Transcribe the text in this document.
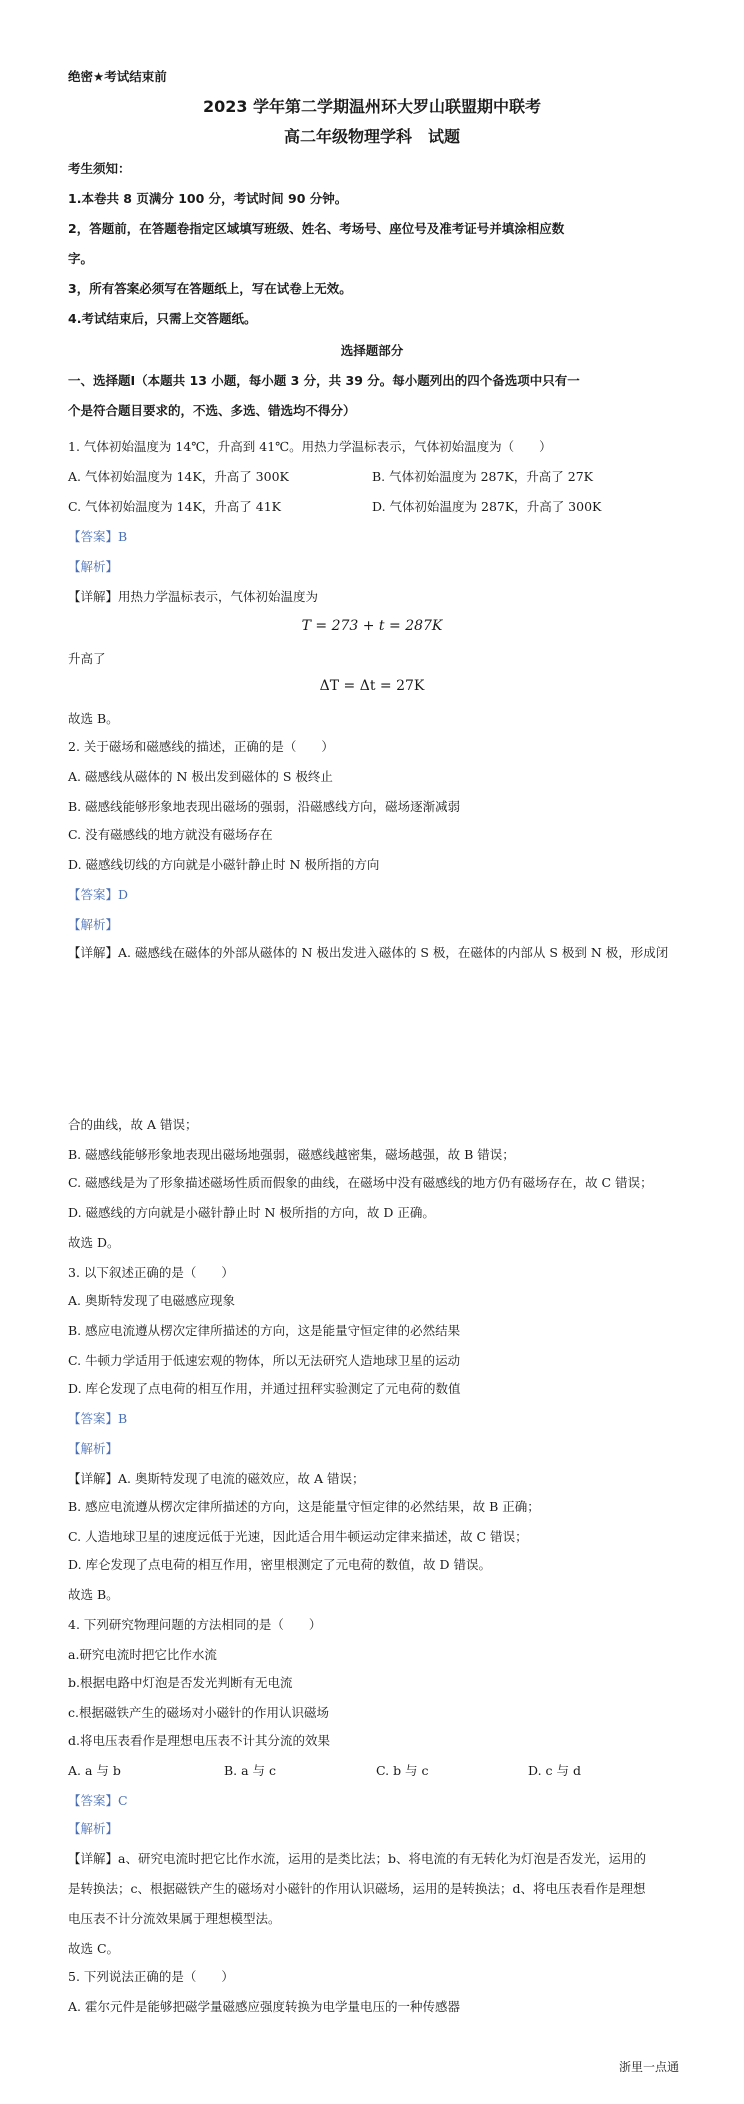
绝密★考试结束前
2023 学年第二学期温州环大罗山联盟期中联考
高二年级物理学科　试题
考生须知：
1.本卷共 8 页满分 100 分，考试时间 90 分钟。
2，答题前，在答题卷指定区域填写班级、姓名、考场号、座位号及准考证号并填涂相应数
字。
3，所有答案必须写在答题纸上，写在试卷上无效。
4.考试结束后，只需上交答题纸。
选择题部分
一、选择题Ⅰ（本题共 13 小题，每小题 3 分，共 39 分。每小题列出的四个备选项中只有一
个是符合题目要求的，不选、多选、错选均不得分）
1. 气体初始温度为 14℃，升高到 41℃。用热力学温标表示，气体初始温度为（　　）
A. 气体初始温度为 14K，升高了 300K	B. 气体初始温度为 287K，升高了 27K
C. 气体初始温度为 14K，升高了 41K	D. 气体初始温度为 287K，升高了 300K
【答案】B
【解析】
【详解】用热力学温标表示，气体初始温度为
T = 273 + t = 287K
升高了
ΔT = Δt = 27K
故选 B。
2. 关于磁场和磁感线的描述，正确的是（　　）
A. 磁感线从磁体的 N 极出发到磁体的 S 极终止
B. 磁感线能够形象地表现出磁场的强弱，沿磁感线方向，磁场逐渐减弱
C. 没有磁感线的地方就没有磁场存在
D. 磁感线切线的方向就是小磁针静止时 N 极所指的方向
【答案】D
【解析】
【详解】A. 磁感线在磁体的外部从磁体的 N 极出发进入磁体的 S 极，在磁体的内部从 S 极到 N 极，形成闭
合的曲线，故 A 错误；
B. 磁感线能够形象地表现出磁场地强弱，磁感线越密集，磁场越强，故 B 错误；
C. 磁感线是为了形象描述磁场性质而假象的曲线，在磁场中没有磁感线的地方仍有磁场存在，故 C 错误；
D. 磁感线的方向就是小磁针静止时 N 极所指的方向，故 D 正确。
故选 D。
3. 以下叙述正确的是（　　）
A. 奥斯特发现了电磁感应现象
B. 感应电流遵从楞次定律所描述的方向，这是能量守恒定律的必然结果
C. 牛顿力学适用于低速宏观的物体，所以无法研究人造地球卫星的运动
D. 库仑发现了点电荷的相互作用，并通过扭秤实验测定了元电荷的数值
【答案】B
【解析】
【详解】A. 奥斯特发现了电流的磁效应，故 A 错误；
B. 感应电流遵从楞次定律所描述的方向，这是能量守恒定律的必然结果，故 B 正确；
C. 人造地球卫星的速度远低于光速，因此适合用牛顿运动定律来描述，故 C 错误；
D. 库仑发现了点电荷的相互作用，密里根测定了元电荷的数值，故 D 错误。
故选 B。
4. 下列研究物理问题的方法相同的是（　　）
a.研究电流时把它比作水流
b.根据电路中灯泡是否发光判断有无电流
c.根据磁铁产生的磁场对小磁针的作用认识磁场
d.将电压表看作是理想电压表不计其分流的效果
A. a 与 b	B. a 与 c	C. b 与 c	D. c 与 d
【答案】C
【解析】
【详解】a、研究电流时把它比作水流，运用的是类比法；b、将电流的有无转化为灯泡是否发光，运用的
是转换法；c、根据磁铁产生的磁场对小磁针的作用认识磁场，运用的是转换法；d、将电压表看作是理想
电压表不计分流效果属于理想模型法。
故选 C。
5. 下列说法正确的是（　　）
A. 霍尔元件是能够把磁学量磁感应强度转换为电学量电压的一种传感器
浙里一点通
